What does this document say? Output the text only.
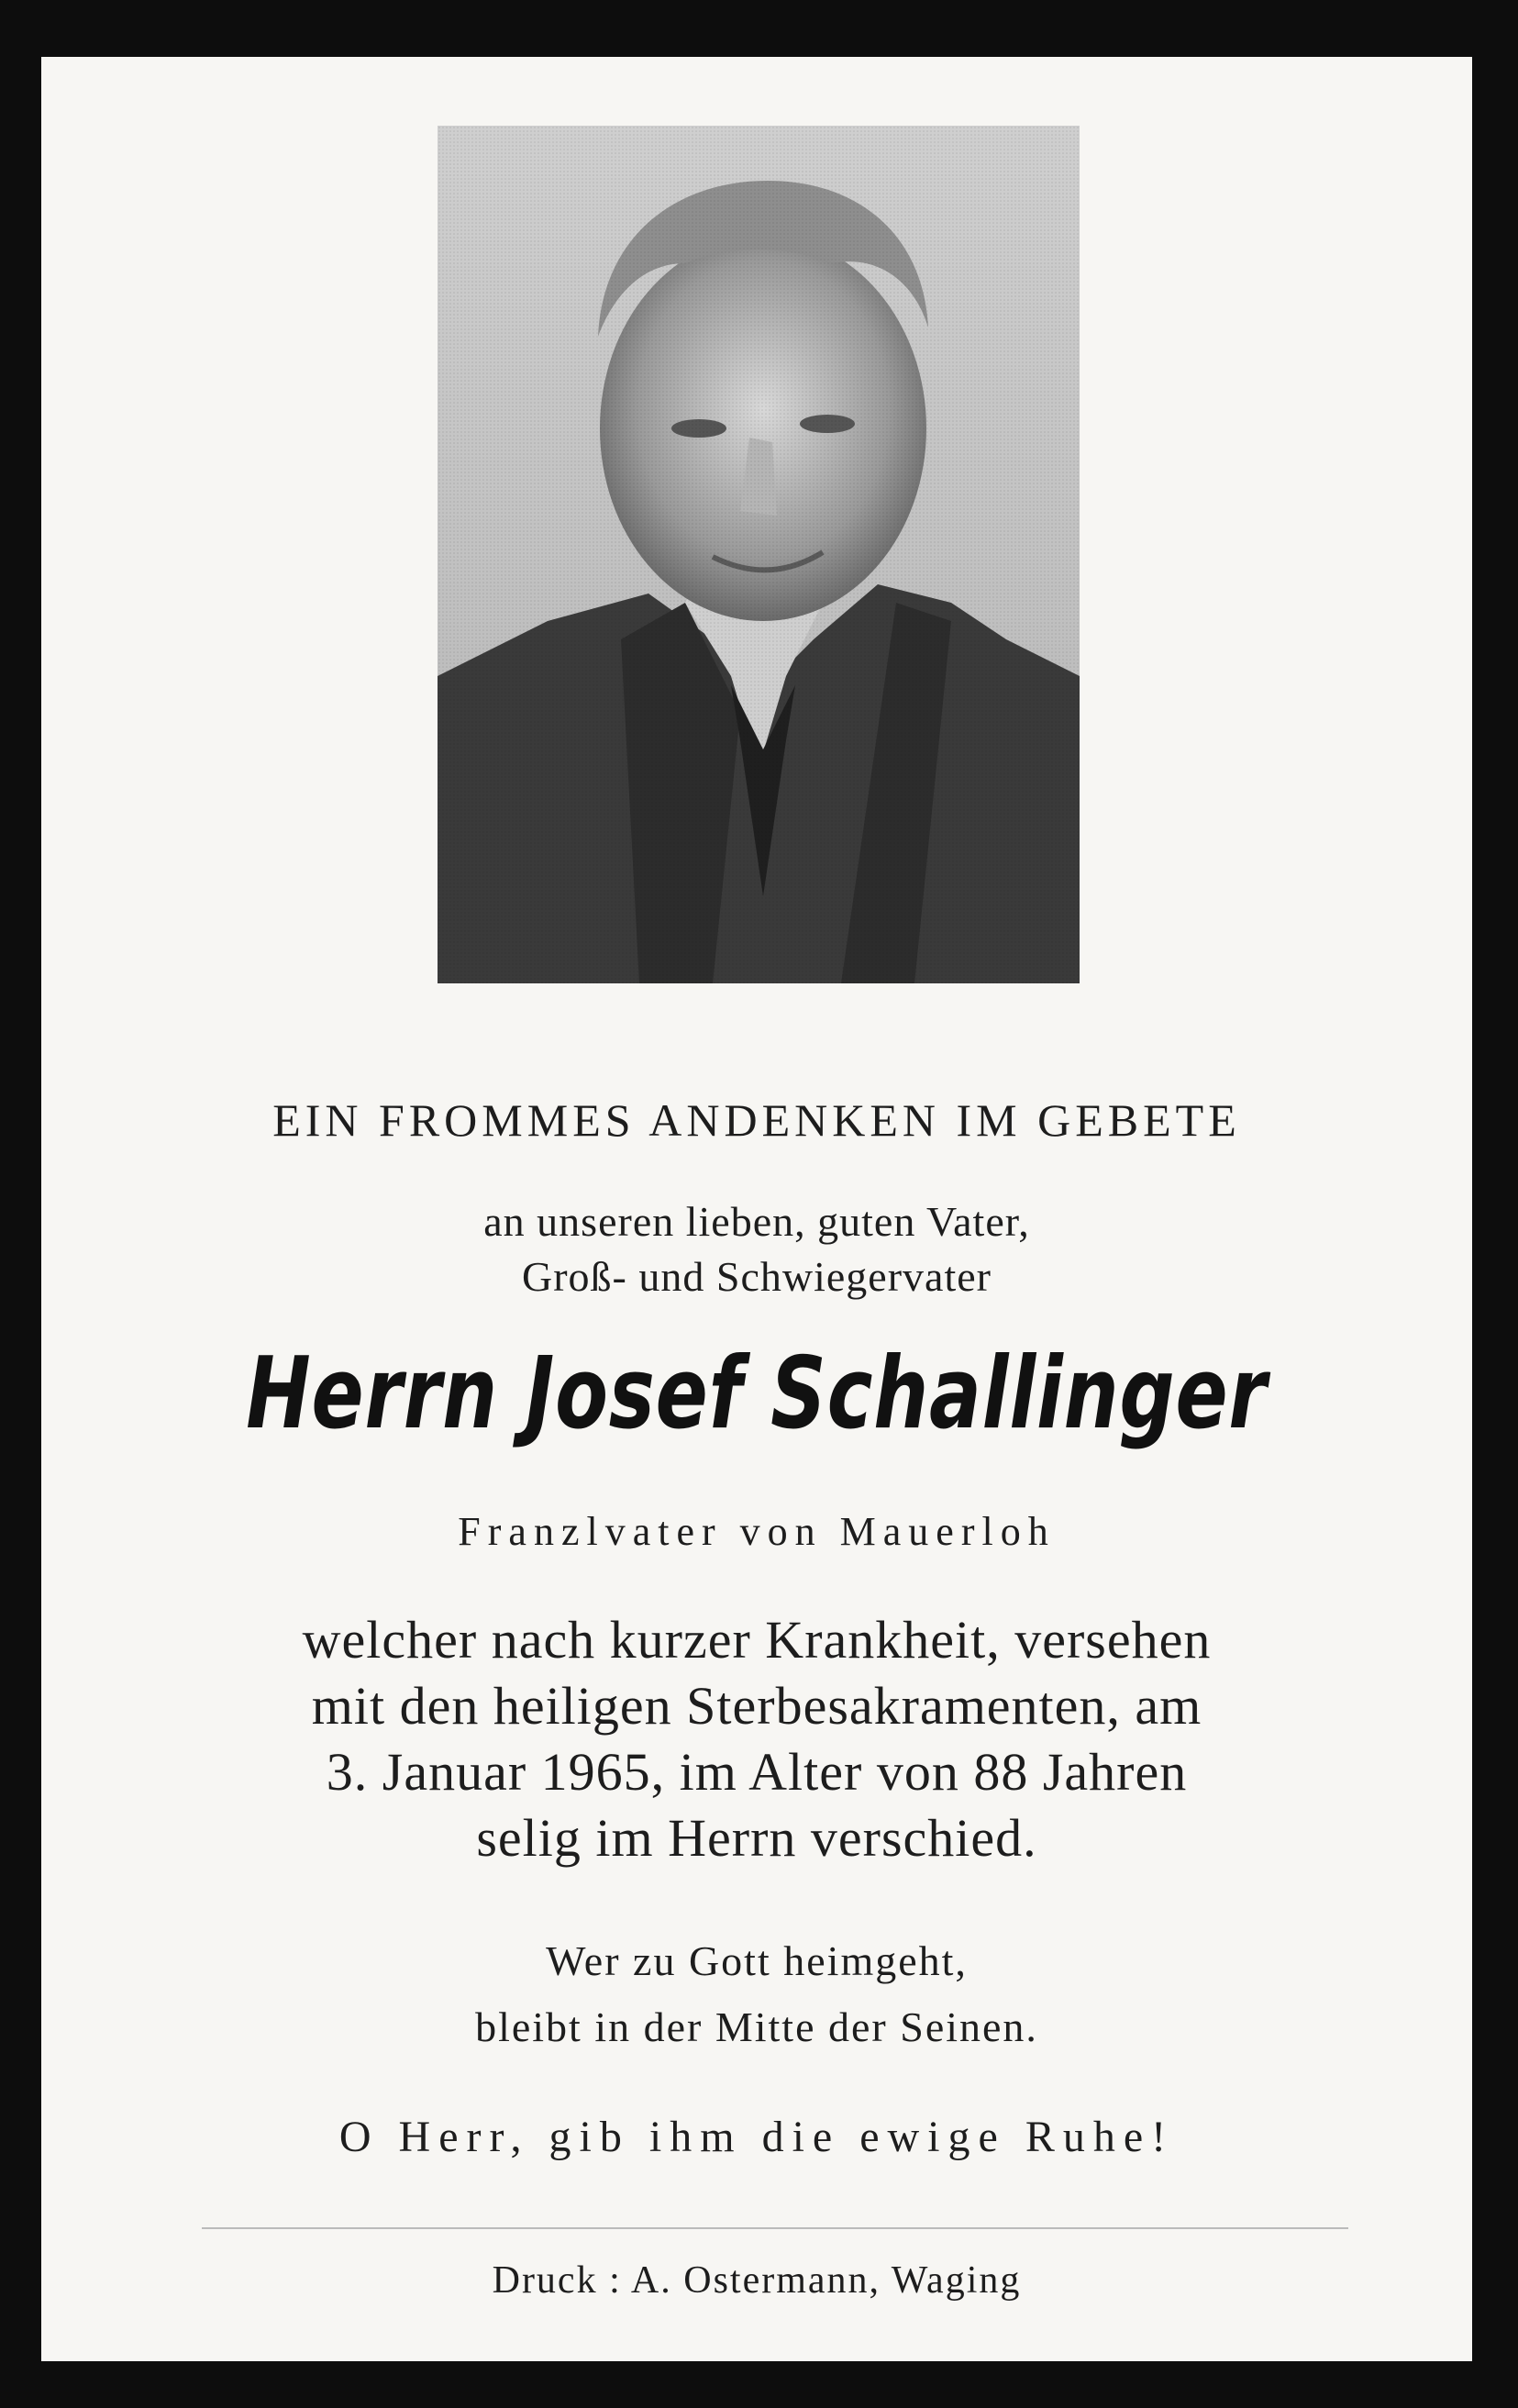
EIN FROMMES ANDENKEN IM GEBETE
an unseren lieben, guten Vater,
Groß- und Schwiegervater
Herrn Josef Schallinger
Franzlvater von Mauerloh
welcher nach kurzer Krankheit, versehen
mit den heiligen Sterbesakramenten, am
3. Januar 1965, im Alter von 88 Jahren
selig im Herrn verschied.
Wer zu Gott heimgeht,
bleibt in der Mitte der Seinen.
O Herr, gib ihm die ewige Ruhe!
Druck : A. Ostermann, Waging
